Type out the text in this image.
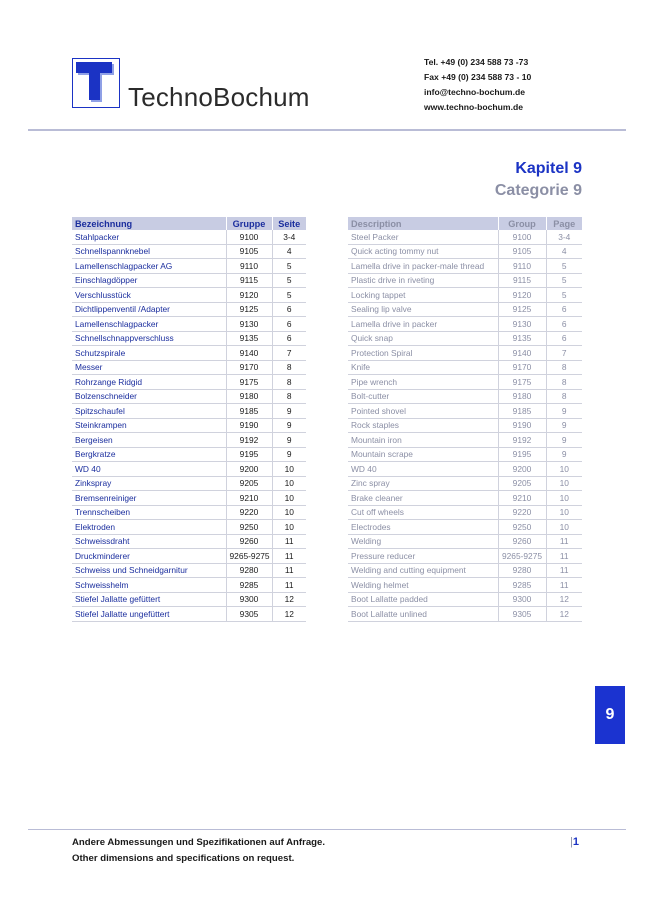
TechnoBochum
Tel. +49 (0) 234 588 73 -73
Fax +49 (0) 234 588 73 - 10
info@techno-bochum.de
www.techno-bochum.de
Kapitel 9
Categorie 9
Bezeichnung	Gruppe	Seite
Stahlpacker	9100	3-4
Schnellspannknebel	9105	4
Lamellenschlagpacker AG	9110	5
Einschlagdöpper	9115	5
Verschlusstück	9120	5
Dichtlippenventil /Adapter	9125	6
Lamellenschlagpacker	9130	6
Schnellschnappverschluss	9135	6
Schutzspirale	9140	7
Messer	9170	8
Rohrzange Ridgid	9175	8
Bolzenschneider	9180	8
Spitzschaufel	9185	9
Steinkrampen	9190	9
Bergeisen	9192	9
Bergkratze	9195	9
WD 40	9200	10
Zinkspray	9205	10
Bremsenreiniger	9210	10
Trennscheiben	9220	10
Elektroden	9250	10
Schweissdraht	9260	11
Druckminderer	9265-9275	11
Schweiss und Schneidgarnitur	9280	11
Schweisshelm	9285	11
Stiefel Jallatte gefüttert	9300	12
Stiefel Jallatte ungefüttert	9305	12
Description	Group	Page
Steel Packer	9100	3-4
Quick acting tommy nut	9105	4
Lamella drive in packer-male thread	9110	5
Plastic drive in riveting	9115	5
Locking tappet	9120	5
Sealing lip valve	9125	6
Lamella drive in packer	9130	6
Quick snap	9135	6
Protection Spiral	9140	7
Knife	9170	8
Pipe wrench	9175	8
Bolt-cutter	9180	8
Pointed shovel	9185	9
Rock staples	9190	9
Mountain iron	9192	9
Mountain scrape	9195	9
WD 40	9200	10
Zinc spray	9205	10
Brake cleaner	9210	10
Cut off wheels	9220	10
Electrodes	9250	10
Welding	9260	11
Pressure reducer	9265-9275	11
Welding and cutting equipment	9280	11
Welding helmet	9285	11
Boot Lallatte padded	9300	12
Boot Lallatte unlined	9305	12
9
Andere Abmessungen und Spezifikationen auf Anfrage.
Other dimensions and specifications on request.
|1
